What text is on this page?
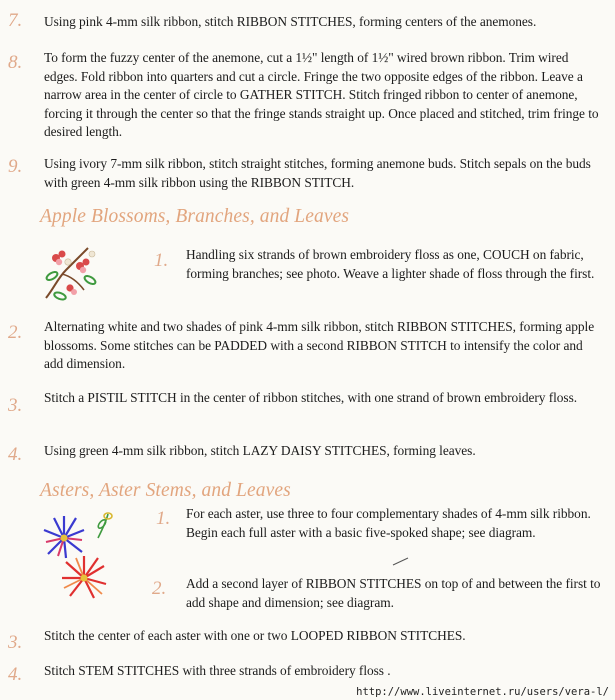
7. Using pink 4-mm silk ribbon, stitch RIBBON STITCHES, forming centers of the anemones.
8. To form the fuzzy center of the anemone, cut a 1½" length of 1½" wired brown ribbon. Trim wired edges. Fold ribbon into quarters and cut a circle. Fringe the two opposite edges of the ribbon. Leave a narrow area in the center of circle to GATHER STITCH. Stitch fringed ribbon to center of anemone, forcing it through the center so that the fringe stands straight up. Once placed and stitched, trim fringe to desired length.
9. Using ivory 7-mm silk ribbon, stitch straight stitches, forming anemone buds. Stitch sepals on the buds with green 4-mm silk ribbon using the RIBBON STITCH.
Apple Blossoms, Branches, and Leaves
1. Handling six strands of brown embroidery floss as one, COUCH on fabric, forming branches; see photo. Weave a lighter shade of floss through the first.
2. Alternating white and two shades of pink 4-mm silk ribbon, stitch RIBBON STITCHES, forming apple blossoms. Some stitches can be PADDED with a second RIBBON STITCH to intensify the color and add dimension.
3. Stitch a PISTIL STITCH in the center of ribbon stitches, with one strand of brown embroidery floss.
4. Using green 4-mm silk ribbon, stitch LAZY DAISY STITCHES, forming leaves.
Asters, Aster Stems, and Leaves
1. For each aster, use three to four complementary shades of 4-mm silk ribbon. Begin each full aster with a basic five-spoked shape; see diagram.
2. Add a second layer of RIBBON STITCHES on top of and between the first to add shape and dimension; see diagram.
3. Stitch the center of each aster with one or two LOOPED RIBBON STITCHES.
4. Stitch STEM STITCHES with three strands of embroidery floss .
http://www.liveinternet.ru/users/vera-l/
